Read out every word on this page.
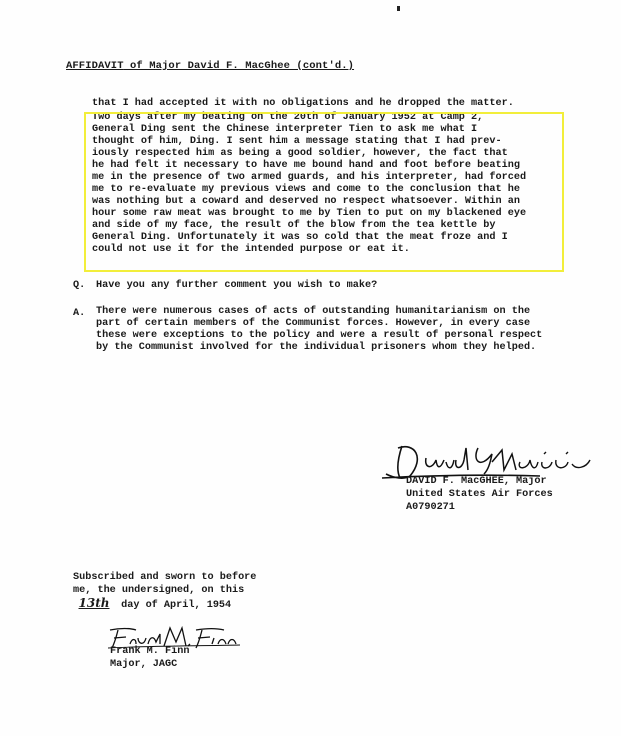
AFFIDAVIT of Major David F. MacGhee (cont'd.)
that I had accepted it with no obligations and he dropped the matter.
Two days after my beating on the 20th of January 1952 at Camp 2,
General Ding sent the Chinese interpreter Tien to ask me what I
thought of him, Ding. I sent him a message stating that I had prev-
iously respected him as being a good soldier, however, the fact that
he had felt it necessary to have me bound hand and foot before beating
me in the presence of two armed guards, and his interpreter, had forced
me to re-evaluate my previous views and come to the conclusion that he
was nothing but a coward and deserved no respect whatsoever. Within an
hour some raw meat was brought to me by Tien to put on my blackened eye
and side of my face, the result of the blow from the tea kettle by
General Ding. Unfortunately it was so cold that the meat froze and I
could not use it for the intended purpose or eat it.
Q. Have you any further comment you wish to make?
A. There were numerous cases of acts of outstanding humanitarianism on the
part of certain members of the Communist forces. However, in every case
these were exceptions to the policy and were a result of personal respect
by the Communist involved for the individual prisoners whom they helped.
DAVID F. MacGHEE, Major
United States Air Forces
A0790271
Subscribed and sworn to before
me, the undersigned, on this
13th day of April, 1954
Frank M. Finn
Major, JAGC
